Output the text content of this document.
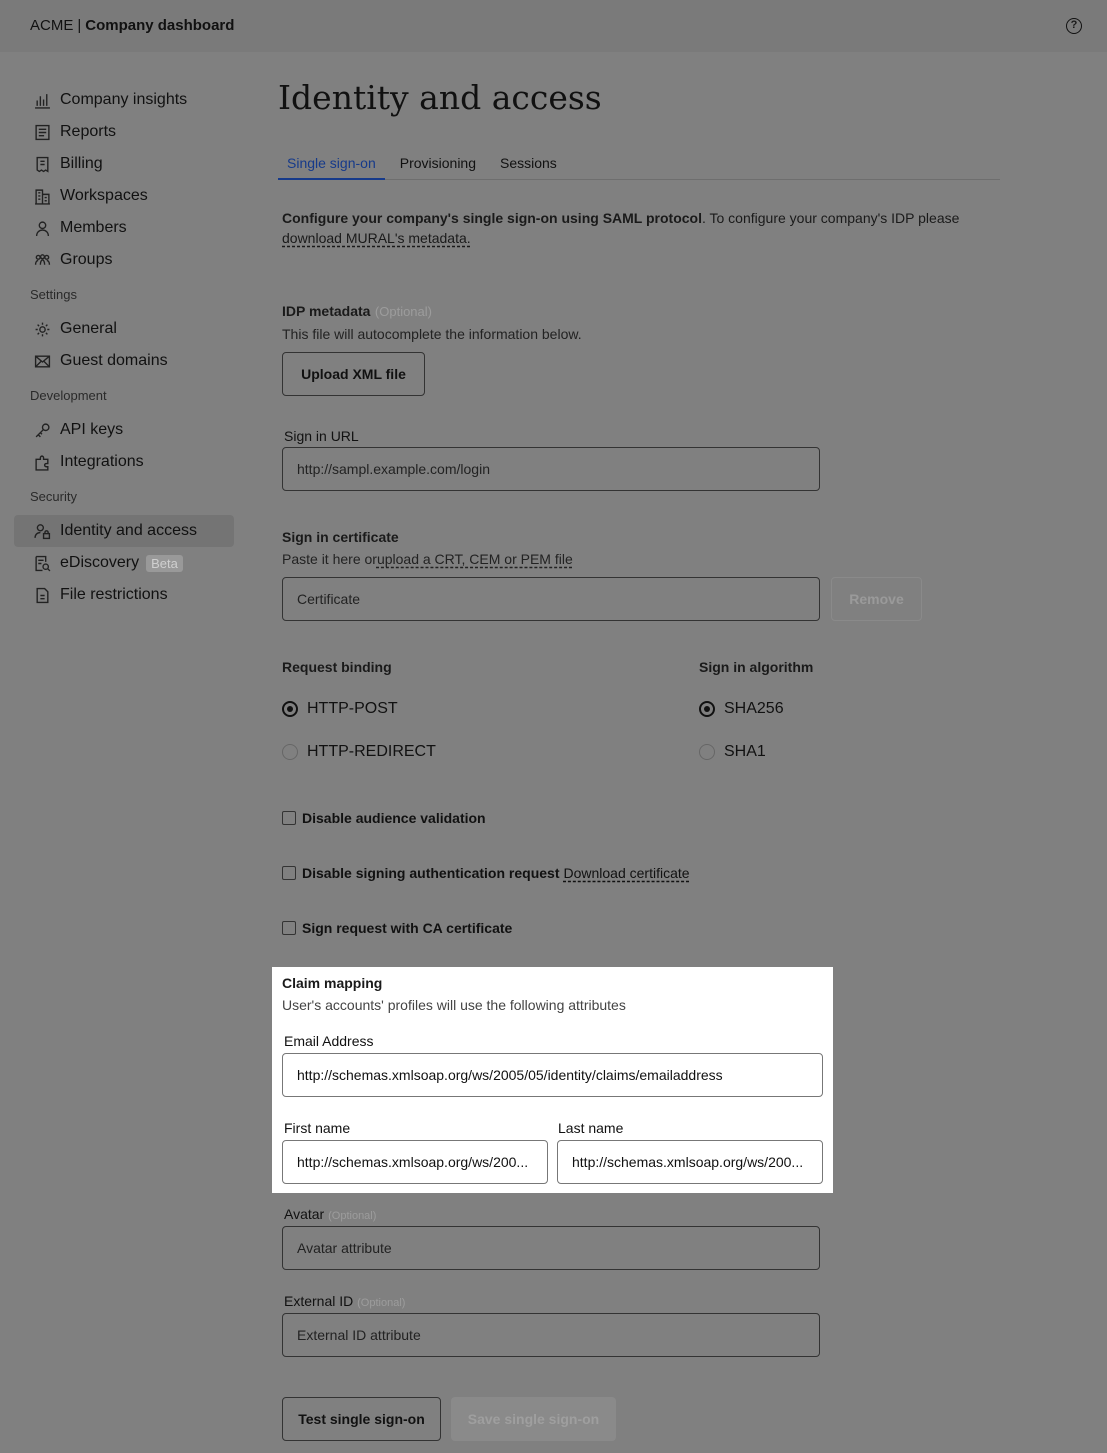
ACME | Company dashboard	?
Company insights
Reports
Billing
Workspaces
Members
Groups
Settings
General
Guest domains
Development
API keys
Integrations
Security
Identity and access
eDiscovery Beta
File restrictions
Identity and access
Single sign-on	Provisioning	Sessions
Configure your company's single sign-on using SAML protocol. To configure your company's IDP please
download MURAL's metadata.
IDP metadata (Optional)
This file will autocomplete the information below.
Upload XML file
Sign in URL
http://sampl.example.com/login
Sign in certificate
Paste it here orupload a CRT, CEM or PEM file
Certificate	Remove
Request binding
HTTP-POST
HTTP-REDIRECT
Sign in algorithm
SHA256
SHA1
Disable audience validation
Disable signing authentication request Download certificate
Sign request with CA certificate
Avatar (Optional)
Avatar attribute
External ID (Optional)
External ID attribute
Test single sign-on	Save single sign-on
Claim mapping
User's accounts' profiles will use the following attributes
Email Address
http://schemas.xmlsoap.org/ws/2005/05/identity/claims/emailaddress
First name
http://schemas.xmlsoap.org/ws/200...
Last name
http://schemas.xmlsoap.org/ws/200...
